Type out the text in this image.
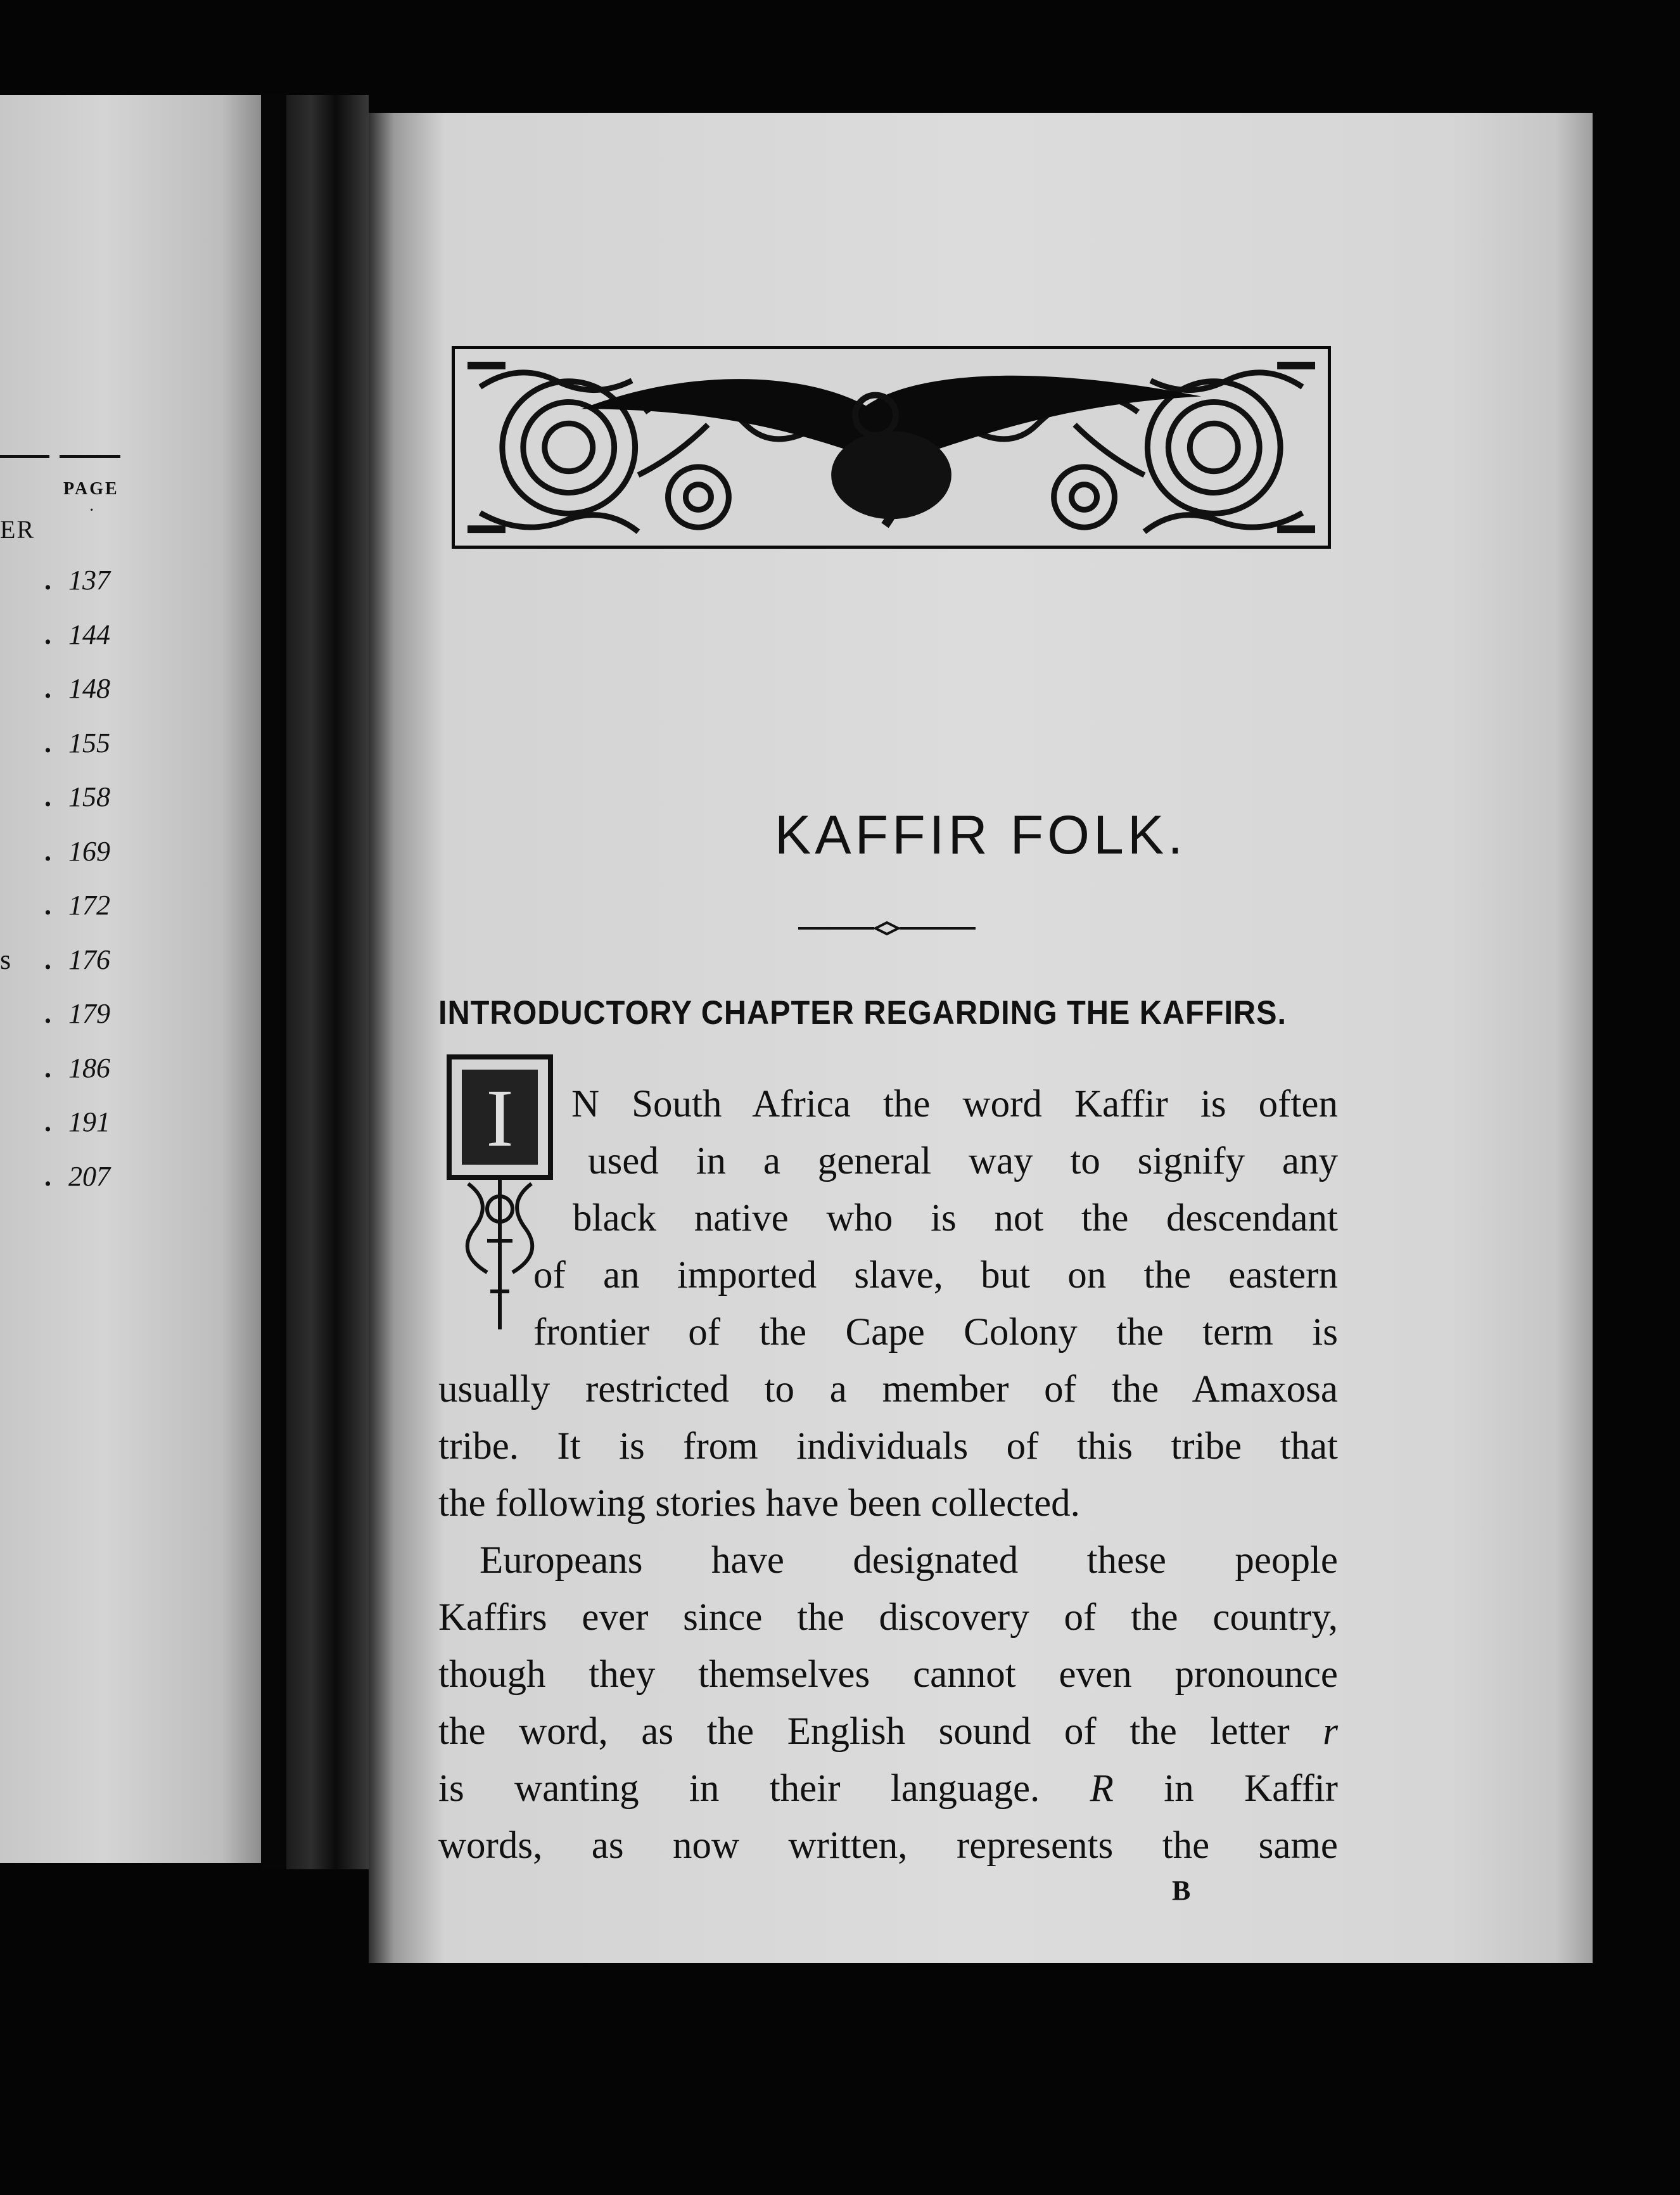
PAGE
·
ER
. 137
. 144
. 148
. 155
. 158
. 169
. 172
s . 176
. 179
. 186
. 191
. 207

KAFFIR FOLK.
INTRODUCTORY CHAPTER REGARDING THE KAFFIRS.
I N South Africa the word Kaffir is often
used in a general way to signify any
black native who is not the descendant
of an imported slave, but on the eastern
frontier of the Cape Colony the term is
usually restricted to a member of the Amaxosa
tribe. It is from individuals of this tribe that
the following stories have been collected.
Europeans have designated these people
Kaffirs ever since the discovery of the country,
though they themselves cannot even pronounce
the word, as the English sound of the letter r
is wanting in their language. R in Kaffir
words, as now written, represents the same
B
